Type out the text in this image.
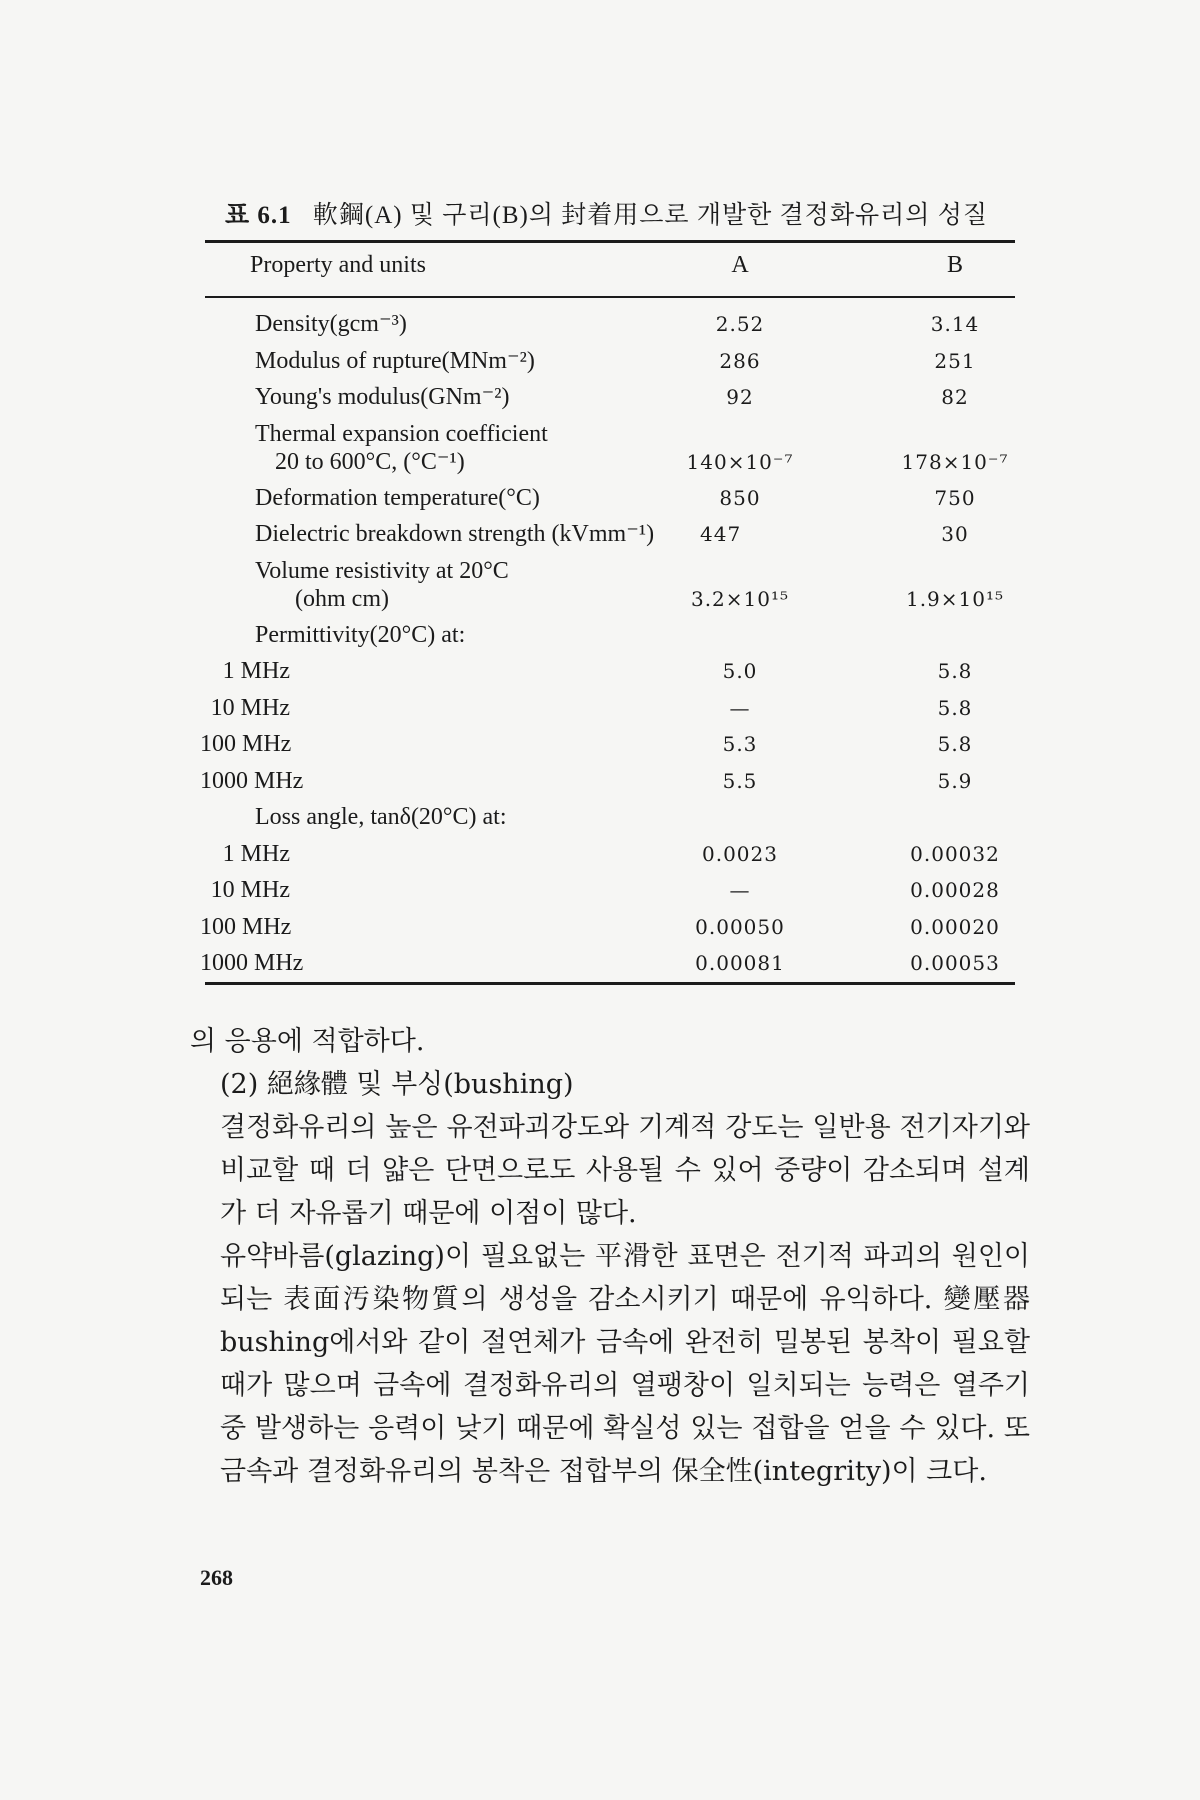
표 6.1 軟鋼(A) 및 구리(B)의 封着用으로 개발한 결정화유리의 성질
Property and units	A	B
Density(gcm⁻³)	2.52	3.14
Modulus of rupture(MNm⁻²)	286	251
Young's modulus(GNm⁻²)	92	82
Thermal expansion coefficient
20 to 600°C, (°C⁻¹)	140×10⁻⁷	178×10⁻⁷
Deformation temperature(°C)	850	750
Dielectric breakdown strength (kVmm⁻¹) 447	30
Volume resistivity at 20°C
(ohm cm)	3.2×10¹⁵	1.9×10¹⁵
Permittivity(20°C) at:
1 MHz	5.0	5.8
10 MHz	—	5.8
100 MHz	5.3	5.8
1000 MHz	5.5	5.9
Loss angle, tanδ(20°C) at:
1 MHz	0.0023	0.00032
10 MHz	—	0.00028
100 MHz	0.00050	0.00020
1000 MHz	0.00081	0.00053

의 응용에 적합하다.

(2) 絕緣體 및 부싱(bushing)

결정화유리의 높은 유전파괴강도와 기계적 강도는 일반용 전기자기와 비교할 때 더 얇은 단면으로도 사용될 수 있어 중량이 감소되며 설계가 더 자유롭기 때문에 이점이 많다.

유약바름(glazing)이 필요없는 平滑한 표면은 전기적 파괴의 원인이 되는 表面汚染物質의 생성을 감소시키기 때문에 유익하다. 變壓器 bushing에서와 같이 절연체가 금속에 완전히 밀봉된 봉착이 필요할 때가 많으며 금속에 결정화유리의 열팽창이 일치되는 능력은 열주기 중 발생하는 응력이 낮기 때문에 확실성 있는 접합을 얻을 수 있다. 또 금속과 결정화유리의 봉착은 접합부의 保全性(integrity)이 크다.

268
